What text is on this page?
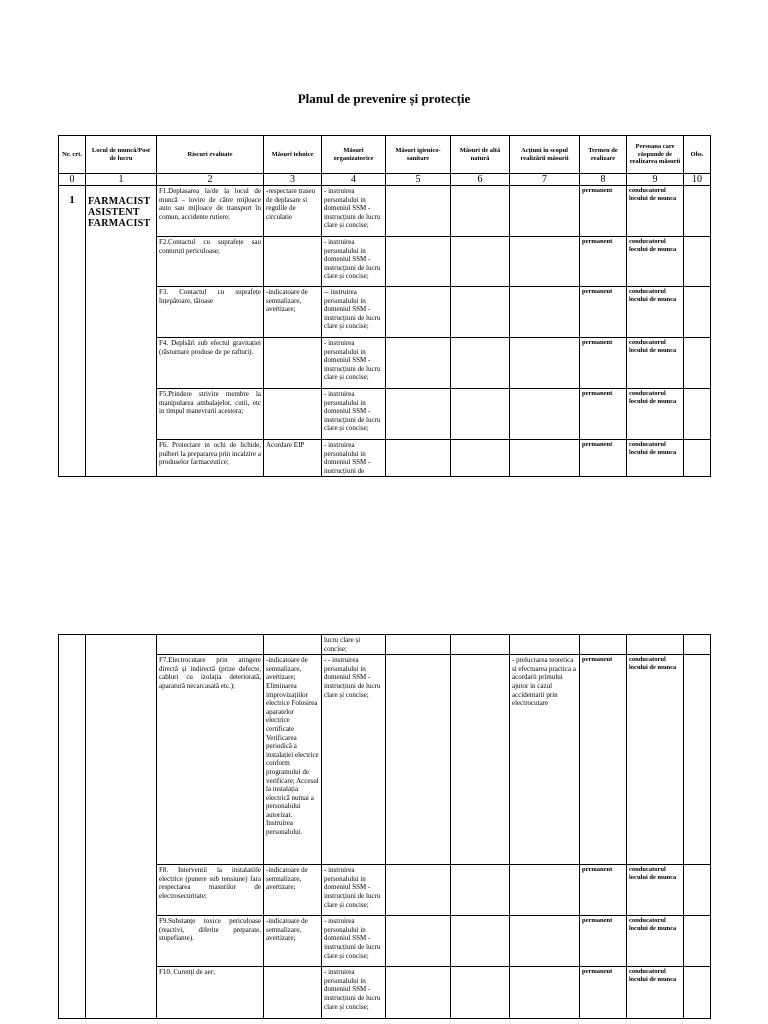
Planul de prevenire și protecție
Nr. crt.	Locul de muncă/Post de lucru	Riscuri evaluate	Măsuri tehnice	Măsuri organizatorice	Măsuri igienico-sanitare	Măsuri de altă natură	Acțiuni în scopul realizării măsurii	Termen de realizare	Persoana care răspunde de realizarea măsurii	Obs.
0	1	2	3	4	5	6	7	8	9	10
1	FARMACIST ASISTENT FARMACIST	F1.Deplasarea la/de la locul de muncă – lovire de către mijloace auto sau mijloace de transport în comun, accidente rutiere;	-respectare traseu de deplasare si regulile de circulatie	- instruirea personalului in domeniul SSM - instrucțiuni de lucru clare și concise;				permanent	conducatorul locului de munca	
		F2.Contactul cu suprafețe sau conturuti periculoase;		- instruirea personalului in domeniul SSM - instrucțiuni de lucru clare și concise;				permanent	conducatorul locului de munca	
		F3. Contactul cu suprafețe înțepătoare, tăioase	-indicatoare de semnalizare, avertizare;	-- instruirea personalului in domeniul SSM - instrucțiuni de lucru clare și concise;				permanent	conducatorul locului de munca	
		F4. Deplsări sub efectul gravitației (răsturnare produse de pe rafturi).		- instruirea personalului in domeniul SSM - instrucțiuni de lucru clare și concise;				permanent	conducatorul locului de munca	
		F5.Prindere strivire membre la manipularea ambalajelor, cutii, etc in timpul manevrarii acestora;		- instruirea personalului in domeniul SSM - instrucțiuni de lucru clare și concise;				permanent	conducatorul locului de munca	
		F6. Proiectare in ochi de lichide, pulberi la prepararea prin incalzire a produselor farmaceutice;	Acordare EIP	- instruirea personalului in domeniul SSM - instrucțiuni de				permanent	conducatorul locului de munca	
				lucru clare și concise;						
		F7.Electrocutare prin atingere directă și indirectă (prize defecte, cabluri cu izolația deteriorată, aparatură necarcasată etc.);	-indicatoare de semnalizare, avertizare; Eliminarea improvizațiilor electrice Folosirea aparatelor electrice certificate Verificarea periodică a instalației electrice conform programului de verificare; Accesul la instalația electrică numai a personalului autorizat. Instruirea personalului.	- - instruirea personalului in domeniul SSM - instrucțiuni de lucru clare și concise;			- prelucrarea teoretica si efectuarea practica a acordarii primului ajutor in cazul accidentarii prin electrocutare	permanent	conducatorul locului de munca	
		F8. Interventii la instalatiile electrice (punere sub tensiune) fara respectarea masurilor de electrosecuritate;	-indicatoare de semnalizare, avertizare;	- instruirea personalului in domeniul SSM - instrucțiuni de lucru clare și concise;				permanent	conducatorul locului de munca	
		F9.Substanțe toxice periculoase (reactivi, diferite preparate, stupefiante).	-indicatoare de semnalizare, avertizare;	- instruirea personalului in domeniul SSM - instrucțiuni de lucru clare și concise;				permanent	conducatorul locului de munca	
		F10. Curenți de aer;		- instruirea personalului in domeniul SSM - instrucțiuni de lucru clare și concise;				permanent	conducatorul locului de munca	
